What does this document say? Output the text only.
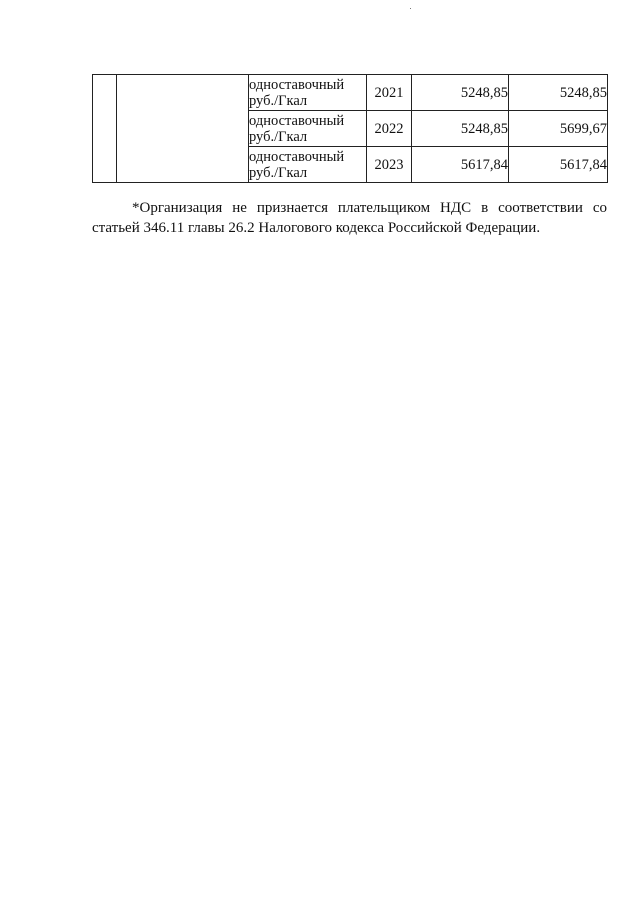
		одноставочный
руб./Гкал	2021	5248,85	5248,85

		одноставочный
руб./Гкал	2022	5248,85	5699,67

		одноставочный
руб./Гкал	2023	5617,84	5617,84

*Организация не признается плательщиком НДС в соответствии со статьей 346.11 главы 26.2 Налогового кодекса Российской Федерации.
